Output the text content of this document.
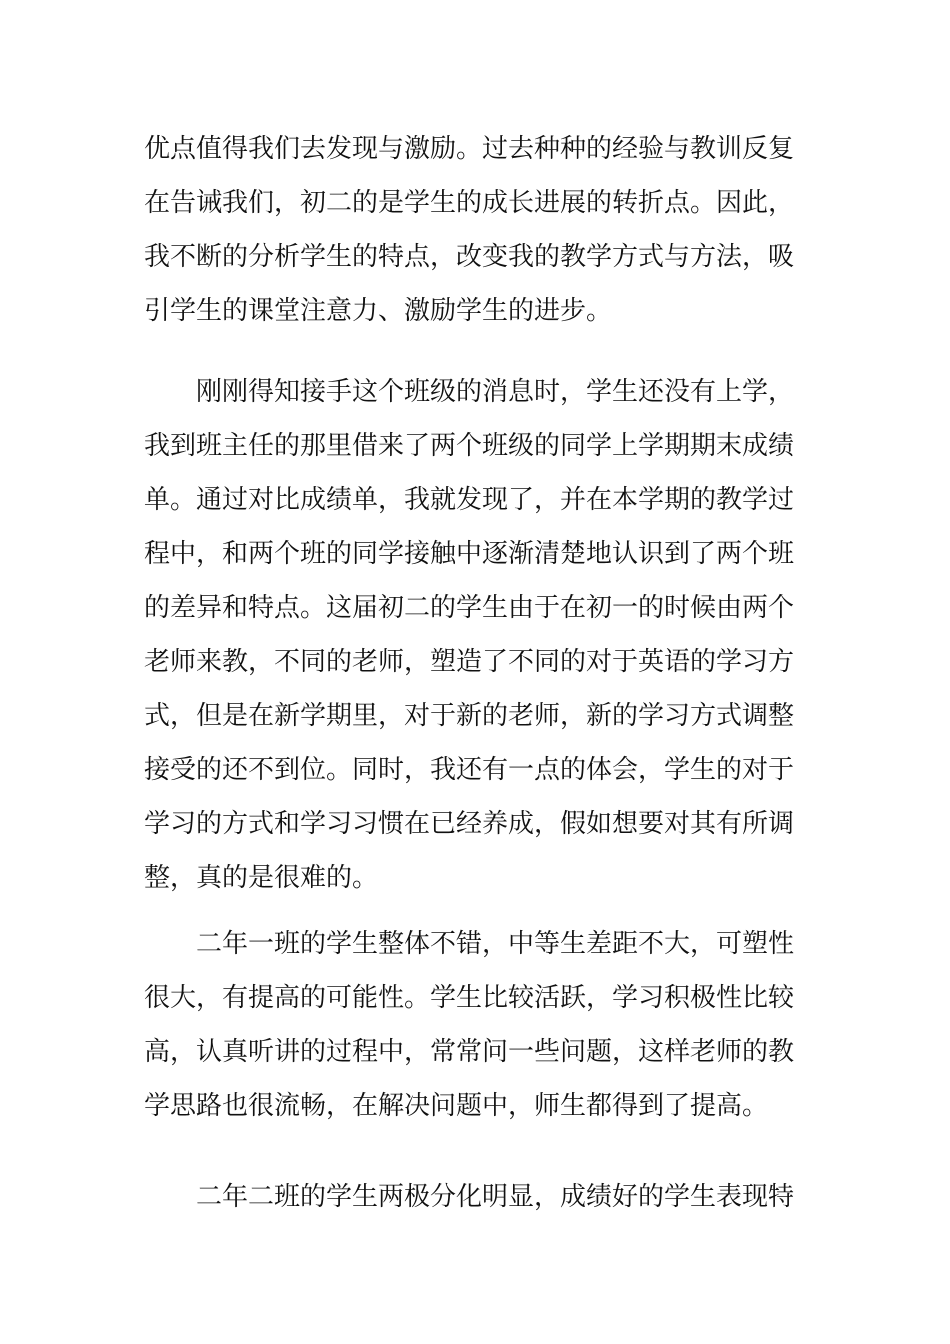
优点值得我们去发现与激励。过去种种的经验与教训反复
在告诫我们，初二的是学生的成长进展的转折点。因此，
我不断的分析学生的特点，改变我的教学方式与方法，吸
引学生的课堂注意力、激励学生的进步。

　　刚刚得知接手这个班级的消息时，学生还没有上学，
我到班主任的那里借来了两个班级的同学上学期期末成绩
单。通过对比成绩单，我就发现了，并在本学期的教学过
程中，和两个班的同学接触中逐渐清楚地认识到了两个班
的差异和特点。这届初二的学生由于在初一的时候由两个
老师来教，不同的老师，塑造了不同的对于英语的学习方
式，但是在新学期里，对于新的老师，新的学习方式调整
接受的还不到位。同时，我还有一点的体会，学生的对于
学习的方式和学习习惯在已经养成，假如想要对其有所调
整，真的是很难的。

　　二年一班的学生整体不错，中等生差距不大，可塑性
很大，有提高的可能性。学生比较活跃，学习积极性比较
高，认真听讲的过程中，常常问一些问题，这样老师的教
学思路也很流畅，在解决问题中，师生都得到了提高。

　　二年二班的学生两极分化明显，成绩好的学生表现特
